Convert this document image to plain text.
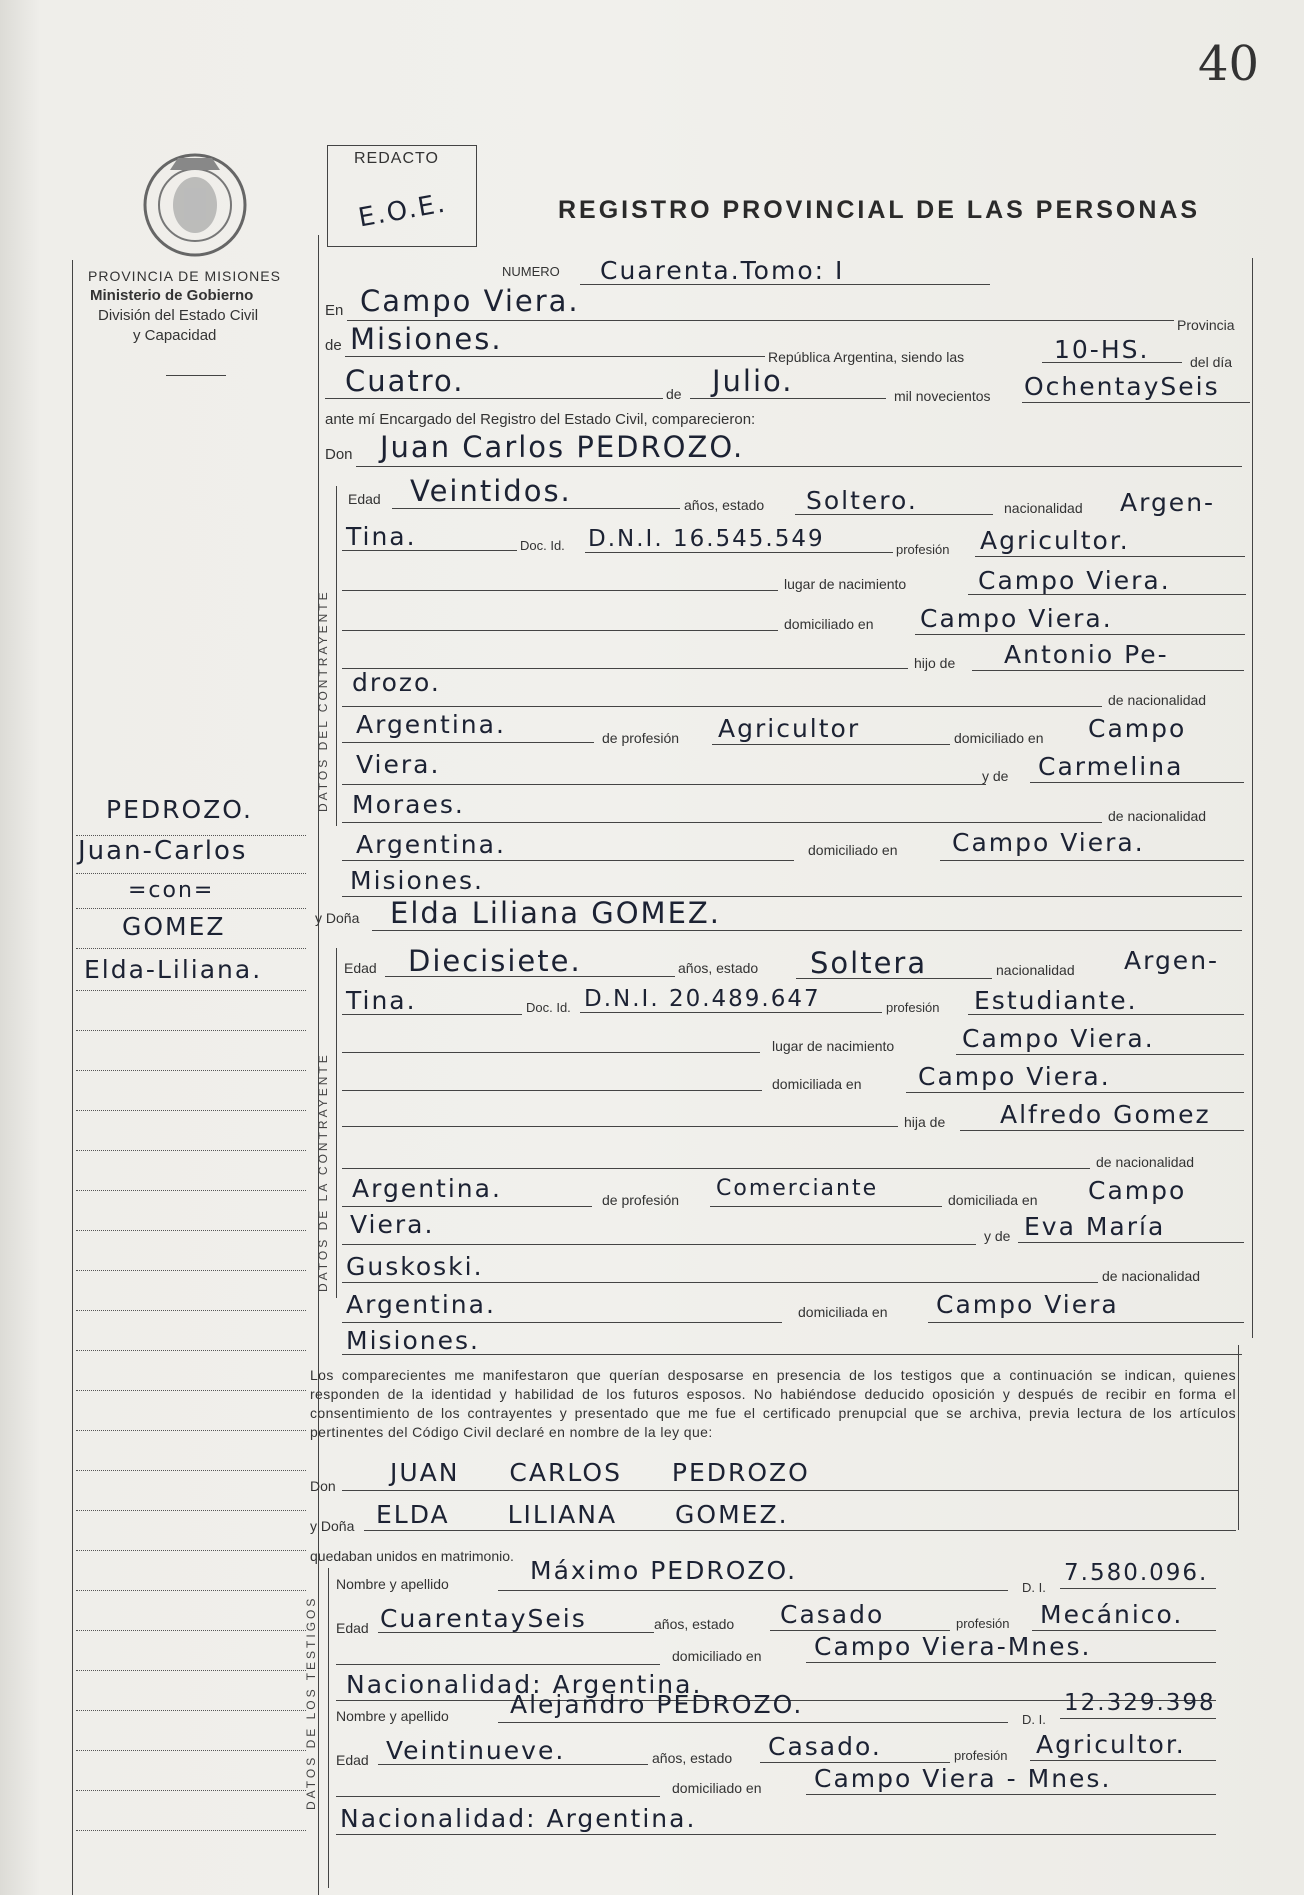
40
PROVINCIA DE MISIONES
Ministerio de Gobierno
División del Estado Civil
y Capacidad
PEDROZO.
Juan-Carlos
=con=
GOMEZ
Elda-Liliana.
REDACTO
E.O.E.	REGISTRO PROVINCIAL DE LAS PERSONAS
NUMERO Cuarenta.Tomo: I
En Campo Viera.
Provincia
de Misiones.
República Argentina, siendo las	10-HS.	del día
Cuatro.	de Julio.	mil novecientos OchentaySeis
ante mí Encargado del Registro del Estado Civil, comparecieron:
Don Juan Carlos PEDROZO.
DATOS DEL CONTRAYENTE
Edad Veintidos.	años, estado Soltero.	nacionalidad Argen-
Tina.	Doc. Id. D.N.I. 16.545.549	profesión Agricultor.
lugar de nacimiento	Campo Viera.
domiciliado en Campo Viera.
hijo de Antonio Pe-
drozo.
de nacionalidad
Argentina.	de profesión Agricultor	domiciliado en Campo
Viera.	y de Carmelina
Moraes.	de nacionalidad
Argentina.	domiciliado en Campo Viera.
Misiones.
y Doña Elda Liliana GOMEZ.
DATOS DE LA CONTRAYENTE
Edad Diecisiete.	años, estado Soltera	nacionalidad Argen-
Tina.	Doc. Id. D.N.I. 20.489.647	profesión Estudiante.
lugar de nacimiento	Campo Viera.
domiciliada en Campo Viera.
hija de Alfredo Gomez
de nacionalidad
Argentina.	de profesión Comerciante	domiciliada en Campo
Viera.	y de Eva María
Guskoski.	de nacionalidad
Argentina.	domiciliada en Campo Viera
Misiones.
Los comparecientes me manifestaron que querían desposarse en presencia de los testigos que a continuación se indican, quienes responden de la identidad y habilidad de los futuros esposos. No habiéndose deducido oposición y después de recibir en forma el consentimiento de los contrayentes y presentado que me fue el certificado prenupcial que se archiva, previa lectura de los artículos pertinentes del Código Civil declaré en nombre de la ley que:
Don JUAN CARLOS PEDROZO
y Doña ELDA LILIANA GOMEZ.
quedaban unidos en matrimonio.
DATOS DE LOS TESTIGOS
Nombre y apellido	Máximo PEDROZO.
D. I.
7.580.096.
Edad CuarentaySeis	años, estado Casado	profesión Mecánico.
domiciliado en Campo Viera-Mnes.
Nacionalidad: Argentina.
Nombre y apellido Alejandro PEDROZO.
D. I.
12.329.398
Edad Veintinueve.	años, estado Casado.	profesión Agricultor.
domiciliado en Campo Viera - Mnes.
Nacionalidad: Argentina.
